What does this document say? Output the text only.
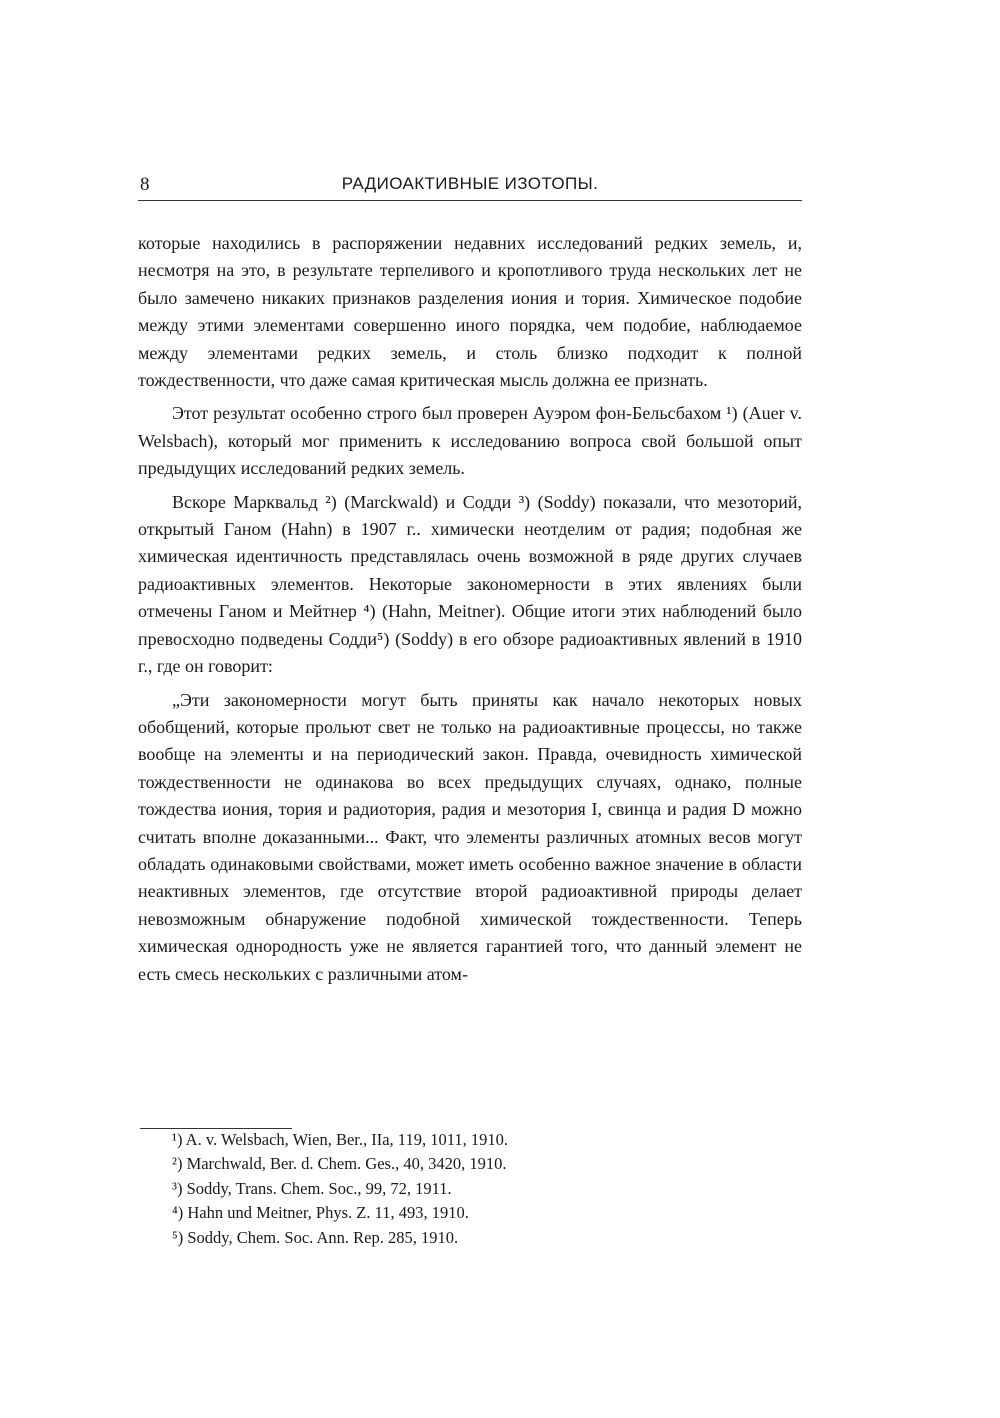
8	РАДИОАКТИВНЫЕ ИЗОТОПЫ.

которые находились в распоряжении недавних исследований редких земель, и, несмотря на это, в результате терпеливого и кропотливого труда нескольких лет не было замечено никаких признаков разделения иония и тория. Химическое подобие между этими элементами совершенно иного порядка, чем подобие, наблюдаемое между элементами редких земель, и столь близко подходит к полной тождественности, что даже самая критическая мысль должна ее признать.

Этот результат особенно строго был проверен Ауэром фон-Бельсбахом ¹) (Auer v. Welsbach), который мог применить к исследованию вопроса свой большой опыт предыдущих исследований редких земель.

Вскоре Марквальд ²) (Marckwald) и Содди ³) (Soddy) показали, что мезоторий, открытый Ганом (Hahn) в 1907 г.. химически неотделим от радия; подобная же химическая идентичность представлялась очень возможной в ряде других случаев радиоактивных элементов. Некоторые закономерности в этих явлениях были отмечены Ганом и Мейтнер ⁴) (Hahn, Meitner). Общие итоги этих наблюдений было превосходно подведены Содди⁵) (Soddy) в его обзоре радиоактивных явлений в 1910 г., где он говорит:

„Эти закономерности могут быть приняты как начало некоторых новых обобщений, которые прольют свет не только на радиоактивные процессы, но также вообще на элементы и на периодический закон. Правда, очевидность химической тождественности не одинакова во всех предыдущих случаях, однако, полные тождества иония, тория и радиотория, радия и мезотория I, свинца и радия D можно считать вполне доказанными... Факт, что элементы различных атомных весов могут обладать одинаковыми свойствами, может иметь особенно важное значение в области неактивных элементов, где отсутствие второй радиоактивной природы делает невозможным обнаружение подобной химической тождественности. Теперь химическая однородность уже не является гарантией того, что данный элемент не есть смесь нескольких с различными атом-

¹) A. v. Welsbach, Wien, Ber., IIa, 119, 1011, 1910.
²) Marchwald, Ber. d. Chem. Ges., 40, 3420, 1910.
³) Soddy, Trans. Chem. Soc., 99, 72, 1911.
⁴) Hahn und Meitner, Phys. Z. 11, 493, 1910.
⁵) Soddy, Chem. Soc. Ann. Rep. 285, 1910.
